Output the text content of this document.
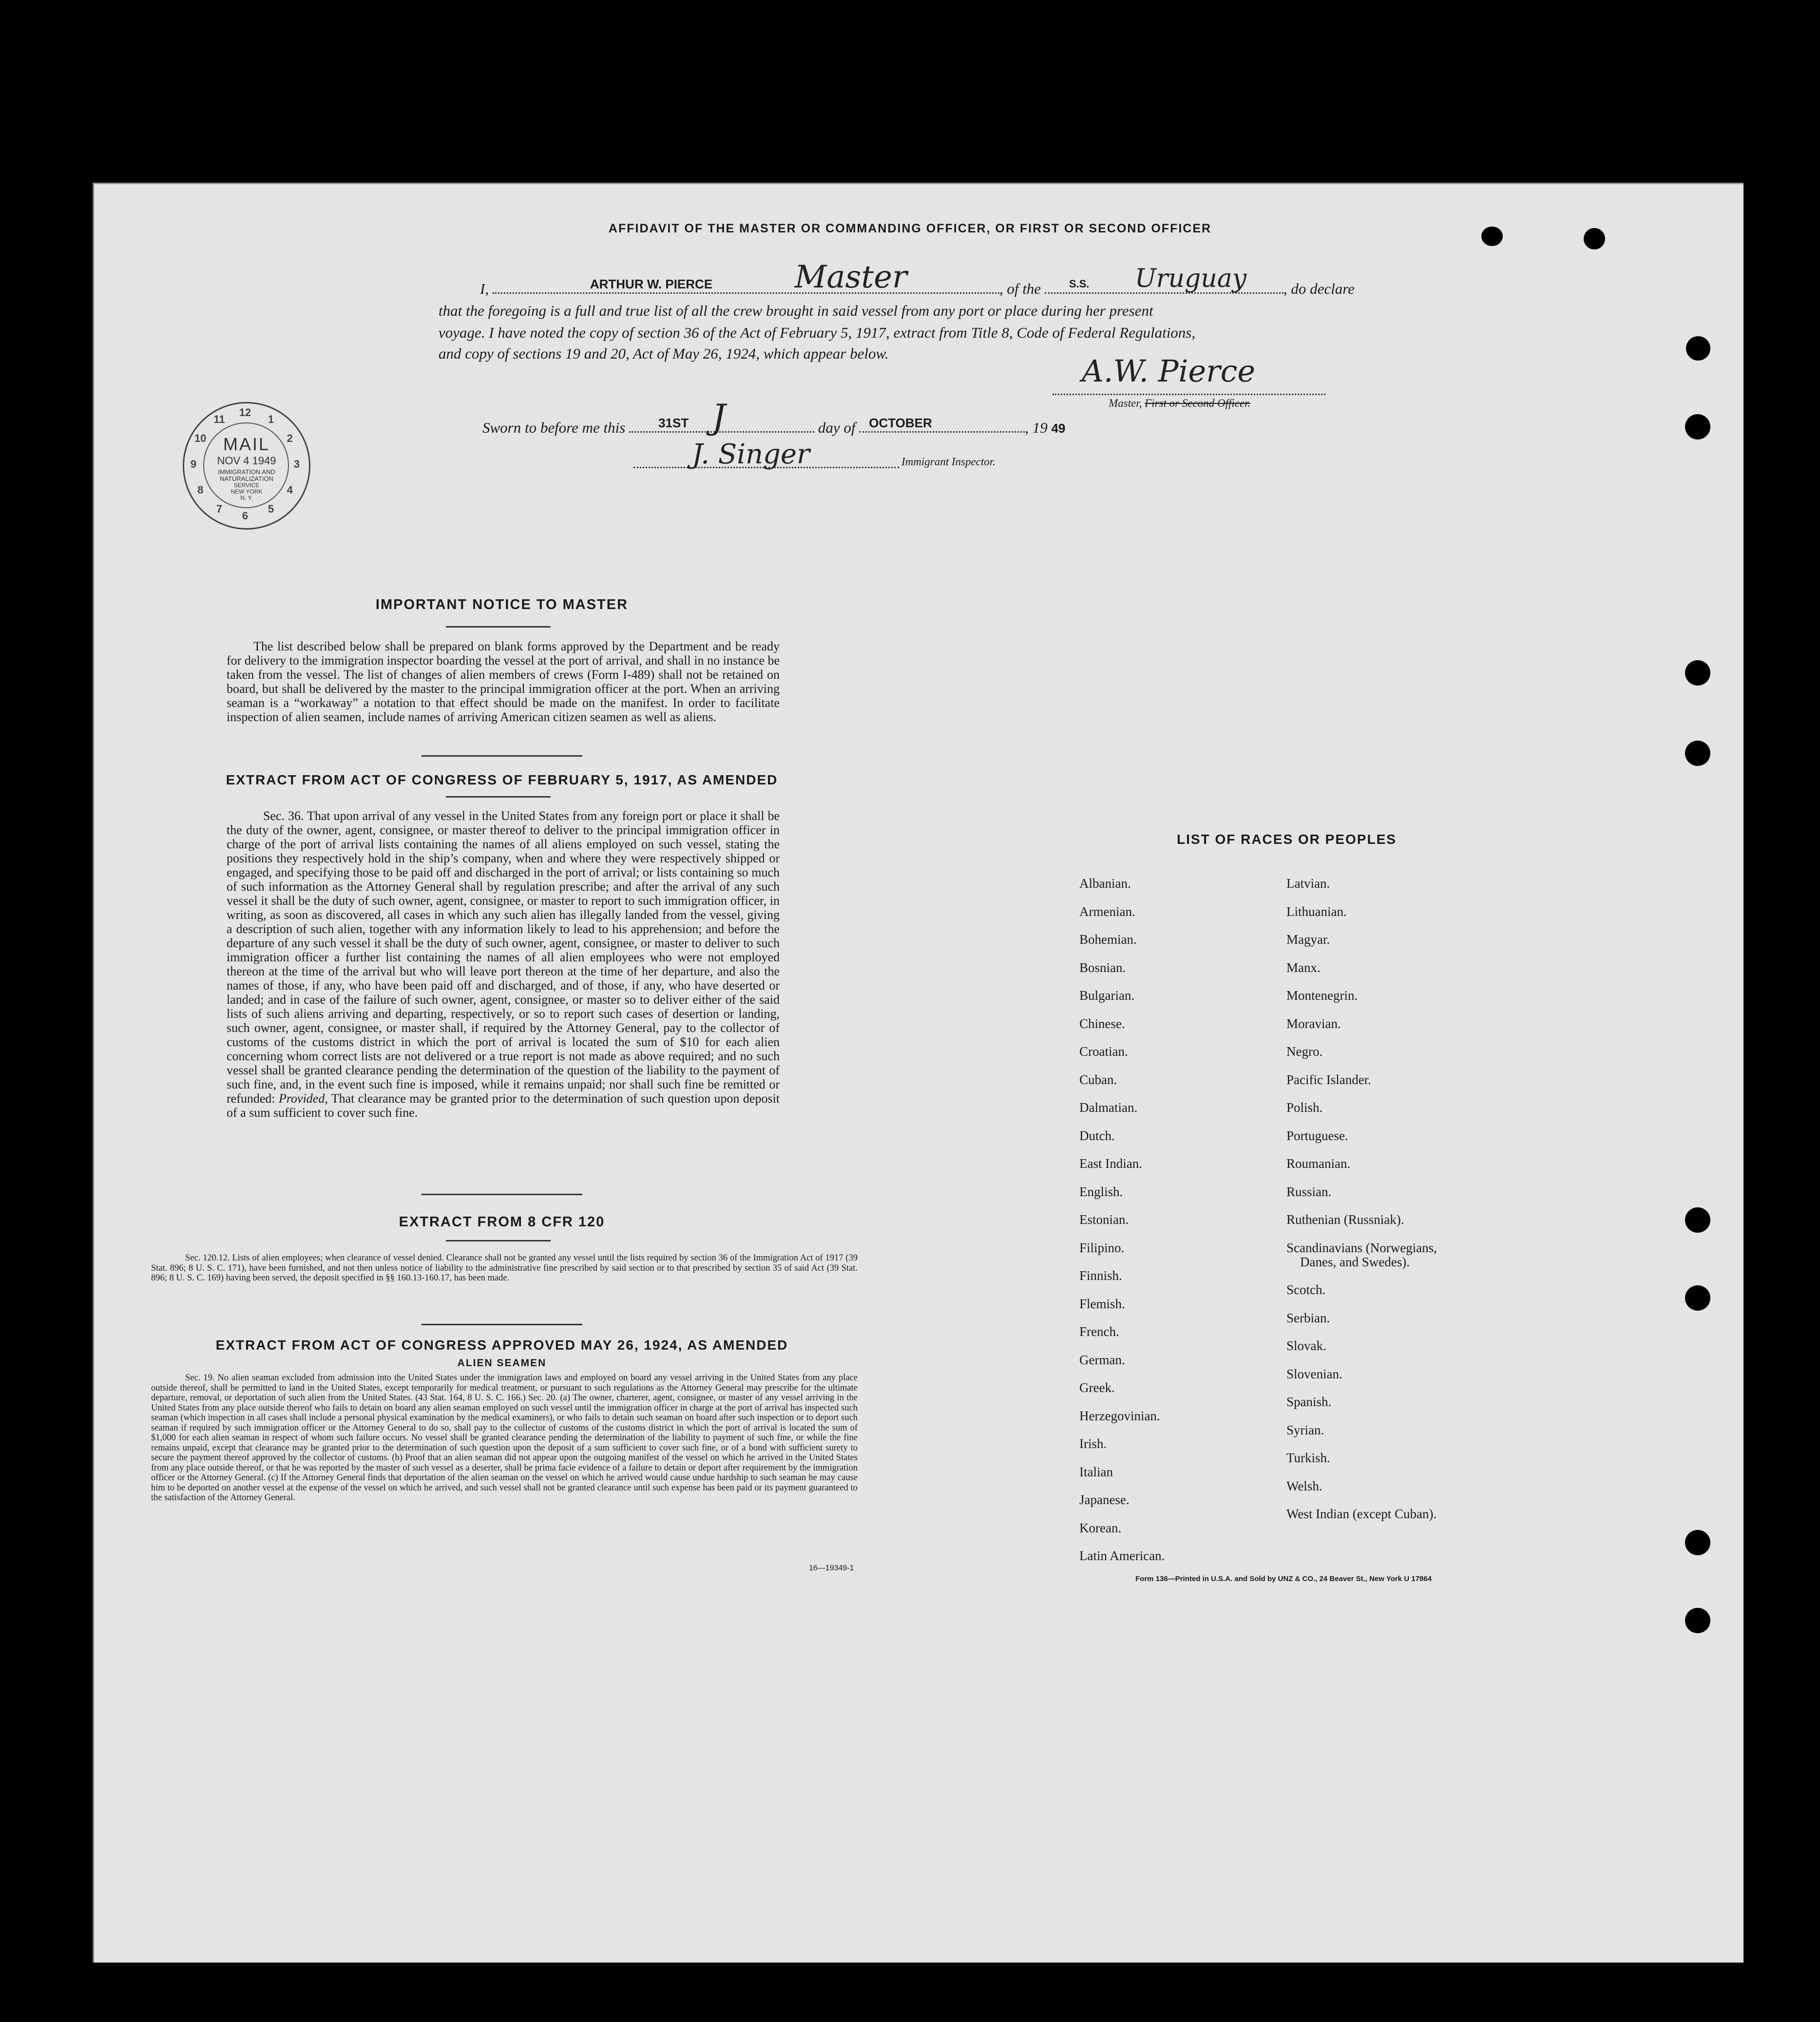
AFFIDAVIT OF THE MASTER OR COMMANDING OFFICER, OR FIRST OR SECOND OFFICER
I,	ARTHUR W. PIERCE	Master	, of the	S.S. Uruguay , do declare
that the foregoing is a full and true list of all the crew brought in said vessel from any port or place during her present
voyage. I have noted the copy of section 36 of the Act of February 5, 1917, extract from Title 8, Code of Federal Regulations,
and copy of sections 19 and 20, Act of May 26, 1924, which appear below.	A.W. Pierce
Master, First or Second Officer.
Sworn to before me this	31ST J	day of OCTOBER	, 19 49
J. Singer	Immigrant Inspector.
12
1
2
3
4
5
6
7
8
9
10
11
MAIL
NOV 4 1949
IMMIGRATION AND
NATURALIZATION
SERVICE
NEW YORK
N. Y.
IMPORTANT NOTICE TO MASTER
The list described below shall be prepared on blank forms approved by the Department and be ready for delivery to the immigration inspector boarding the vessel at the port of arrival, and shall in no instance be taken from the vessel. The list of changes of alien members of crews (Form I-489) shall not be retained on board, but shall be delivered by the master to the principal immigration officer at the port. When an arriving seaman is a “workaway” a notation to that effect should be made on the manifest. In order to facilitate inspection of alien seamen, include names of arriving American citizen seamen as well as aliens.
EXTRACT FROM ACT OF CONGRESS OF FEBRUARY 5, 1917, AS AMENDED
Sec. 36. That upon arrival of any vessel in the United States from any foreign port or place it shall be the duty of the owner, agent, consignee, or master thereof to deliver to the principal immigration officer in charge of the port of arrival lists containing the names of all aliens employed on such vessel, stating the positions they respectively hold in the ship’s company, when and where they were respectively shipped or engaged, and specifying those to be paid off and discharged in the port of arrival; or lists containing so much of such information as the Attorney General shall by regulation prescribe; and after the arrival of any such vessel it shall be the duty of such owner, agent, consignee, or master to report to such immigration officer, in writing, as soon as discovered, all cases in which any such alien has illegally landed from the vessel, giving a description of such alien, together with any information likely to lead to his apprehension; and before the departure of any such vessel it shall be the duty of such owner, agent, consignee, or master to deliver to such immigration officer a further list containing the names of all alien employees who were not employed thereon at the time of the arrival but who will leave port thereon at the time of her departure, and also the names of those, if any, who have been paid off and discharged, and of those, if any, who have deserted or landed; and in case of the failure of such owner, agent, consignee, or master so to deliver either of the said lists of such aliens arriving and departing, respectively, or so to report such cases of desertion or landing, such owner, agent, consignee, or master shall, if required by the Attorney General, pay to the collector of customs of the customs district in which the port of arrival is located the sum of $10 for each alien concerning whom correct lists are not delivered or a true report is not made as above required; and no such vessel shall be granted clearance pending the determination of the question of the liability to the payment of such fine, and, in the event such fine is imposed, while it remains unpaid; nor shall such fine be remitted or refunded: Provided, That clearance may be granted prior to the determination of such question upon deposit of a sum sufficient to cover such fine.
EXTRACT FROM 8 CFR 120
Sec. 120.12. Lists of alien employees; when clearance of vessel denied. Clearance shall not be granted any vessel until the lists required by section 36 of the Immigration Act of 1917 (39 Stat. 896; 8 U. S. C. 171), have been furnished, and not then unless notice of liability to the administrative fine prescribed by said section or to that prescribed by section 35 of said Act (39 Stat. 896; 8 U. S. C. 169) having been served, the deposit specified in §§ 160.13-160.17, has been made.
EXTRACT FROM ACT OF CONGRESS APPROVED MAY 26, 1924, AS AMENDED
ALIEN SEAMEN
Sec. 19. No alien seaman excluded from admission into the United States under the immigration laws and employed on board any vessel arriving in the United States from any place outside thereof, shall be permitted to land in the United States, except temporarily for medical treatment, or pursuant to such regulations as the Attorney General may prescribe for the ultimate departure, removal, or deportation of such alien from the United States. (43 Stat. 164, 8 U. S. C. 166.) Sec. 20. (a) The owner, charterer, agent, consignee, or master of any vessel arriving in the United States from any place outside thereof who fails to detain on board any alien seaman employed on such vessel until the immigration officer in charge at the port of arrival has inspected such seaman (which inspection in all cases shall include a personal physical examination by the medical examiners), or who fails to detain such seaman on board after such inspection or to deport such seaman if required by such immigration officer or the Attorney General to do so, shall pay to the collector of customs of the customs district in which the port of arrival is located the sum of $1,000 for each alien seaman in respect of whom such failure occurs. No vessel shall be granted clearance pending the determination of the liability to payment of such fine, or while the fine remains unpaid, except that clearance may be granted prior to the determination of such question upon the deposit of a sum sufficient to cover such fine, or of a bond with sufficient surety to secure the payment thereof approved by the collector of customs. (b) Proof that an alien seaman did not appear upon the outgoing manifest of the vessel on which he arrived in the United States from any place outside thereof, or that he was reported by the master of such vessel as a deserter, shall be prima facie evidence of a failure to detain or deport after requirement by the immigration officer or the Attorney General. (c) If the Attorney General finds that deportation of the alien seaman on the vessel on which he arrived would cause undue hardship to such seaman he may cause him to be deported on another vessel at the expense of the vessel on which he arrived, and such vessel shall not be granted clearance until such expense has been paid or its payment guaranteed to the satisfaction of the Attorney General.
16—19349-1
LIST OF RACES OR PEOPLES
Albanian.
Armenian.
Bohemian.
Bosnian.
Bulgarian.
Chinese.
Croatian.
Cuban.
Dalmatian.
Dutch.
East Indian.
English.
Estonian.
Filipino.
Finnish.
Flemish.
French.
German.
Greek.
Herzegovinian.
Irish.
Italian
Japanese.
Korean.
Latin American.
Latvian.
Lithuanian.
Magyar.
Manx.
Montenegrin.
Moravian.
Negro.
Pacific Islander.
Polish.
Portuguese.
Roumanian.
Russian.
Ruthenian (Russniak).
Scandinavians (Norwegians,
Danes, and Swedes).
Scotch.
Serbian.
Slovak.
Slovenian.
Spanish.
Syrian.
Turkish.
Welsh.
West Indian (except Cuban).
Form 136—Printed in U.S.A. and Sold by UNZ & CO., 24 Beaver St., New York U 17864
